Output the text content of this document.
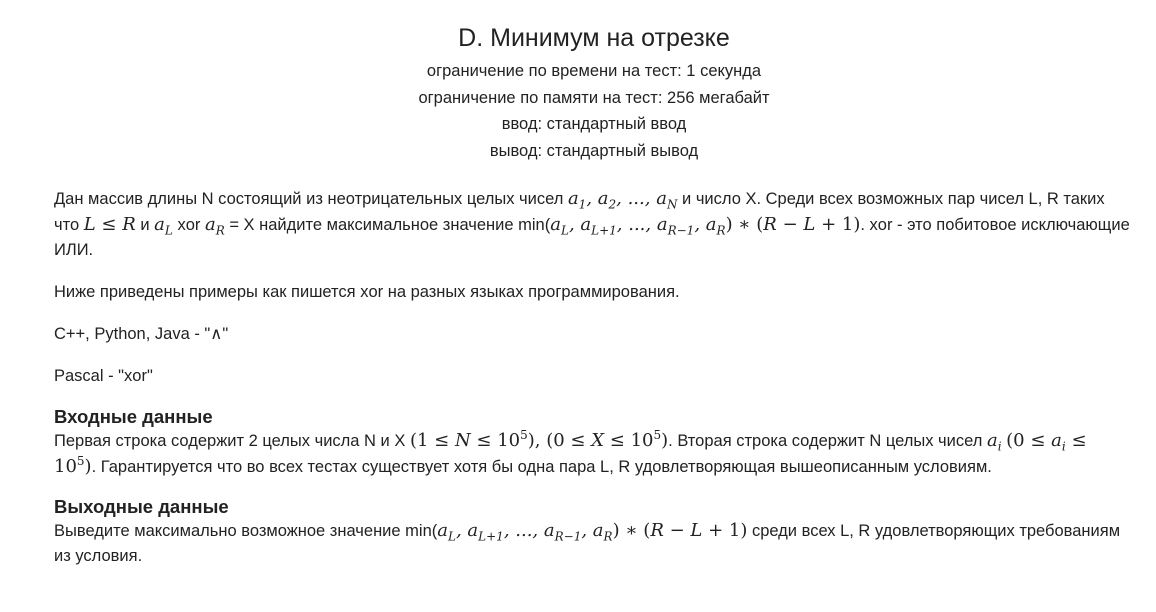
D. Минимум на отрезке
ограничение по времени на тест: 1 секунда
ограничение по памяти на тест: 256 мегабайт
ввод: стандартный ввод
вывод: стандартный вывод

Дан массив длины N состоящий из неотрицательных целых чисел $a_1$, $a_2$, ..., $a_N$ и число X. Среди всех возможных пар чисел L, R таких что L ≤ R и $a_L$ xor $a_R = X$ найдите максимальное значение $\min(a_L$, $a_{L+1}$, ..., $a_{R-1}$, $a_R$) ∗ (R − L + 1). xor - это побитовое исключающие ИЛИ.

Ниже приведены примеры как пишется xor на разных языках программирования.

C++, Python, Java - "∧"

Pascal - "xor"

Входные данные

Первая строка содержит 2 целых числа N и X $(1 \le N \le 10^5)$, $(0 \le X \le 10^5)$. Вторая строка содержит N целых чисел $a_i$ $(0 \le a_i \le 10^5)$. Гарантируется что во всех тестах существует хотя бы одна пара L, R удовлетворяющая вышеописанным условиям.

Выходные данные

Выведите максимально возможное значение $\min(a_L$, $a_{L+1}$, ..., $a_{R-1}$, $a_R$) ∗ (R − L + 1) среди всех L, R удовлетворяющих требованиям из условия.
